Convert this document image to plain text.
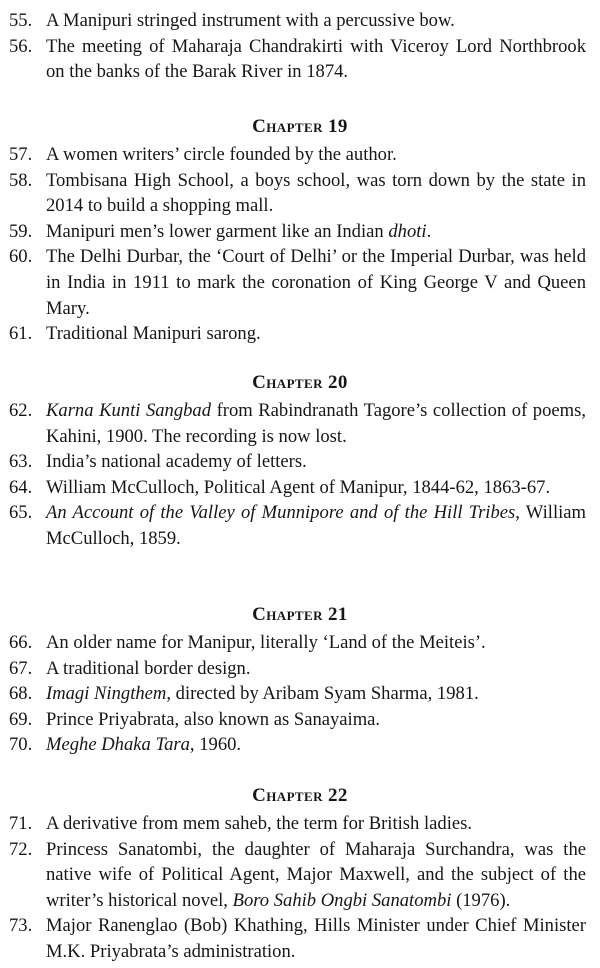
55. A Manipuri stringed instrument with a percussive bow.
56. The meeting of Maharaja Chandrakirti with Viceroy Lord Northbrook on the banks of the Barak River in 1874.
Chapter 19
57. A women writers’ circle founded by the author.
58. Tombisana High School, a boys school, was torn down by the state in 2014 to build a shopping mall.
59. Manipuri men’s lower garment like an Indian dhoti.
60. The Delhi Durbar, the ‘Court of Delhi’ or the Imperial Durbar, was held in India in 1911 to mark the coronation of King George V and Queen Mary.
61. Traditional Manipuri sarong.
Chapter 20
62. Karna Kunti Sangbad from Rabindranath Tagore’s collection of poems, Kahini, 1900. The recording is now lost.
63. India’s national academy of letters.
64. William McCulloch, Political Agent of Manipur, 1844-62, 1863-67.
65. An Account of the Valley of Munnipore and of the Hill Tribes, William McCulloch, 1859.
Chapter 21
66. An older name for Manipur, literally ‘Land of the Meiteis’.
67. A traditional border design.
68. Imagi Ningthem, directed by Aribam Syam Sharma, 1981.
69. Prince Priyabrata, also known as Sanayaima.
70. Meghe Dhaka Tara, 1960.
Chapter 22
71. A derivative from mem saheb, the term for British ladies.
72. Princess Sanatombi, the daughter of Maharaja Surchandra, was the native wife of Political Agent, Major Maxwell, and the subject of the writer’s historical novel, Boro Sahib Ongbi Sanatombi (1976).
73. Major Ranenglao (Bob) Khathing, Hills Minister under Chief Minister M.K. Priyabrata’s administration.
